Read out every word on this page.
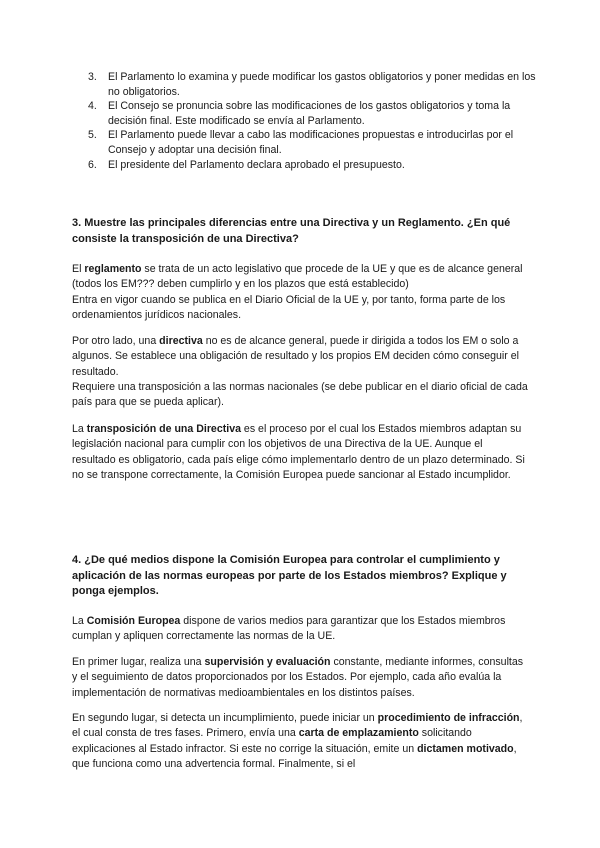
3. El Parlamento lo examina y puede modificar los gastos obligatorios y poner medidas en los no obligatorios.
4. El Consejo se pronuncia sobre las modificaciones de los gastos obligatorios y toma la decisión final. Este modificado se envía al Parlamento.
5. El Parlamento puede llevar a cabo las modificaciones propuestas e introducirlas por el Consejo y adoptar una decisión final.
6. El presidente del Parlamento declara aprobado el presupuesto.
3. Muestre las principales diferencias entre una Directiva y un Reglamento. ¿En qué consiste la transposición de una Directiva?

El reglamento se trata de un acto legislativo que procede de la UE y que es de alcance general (todos los EM??? deben cumplirlo y en los plazos que está establecido)
Entra en vigor cuando se publica en el Diario Oficial de la UE y, por tanto, forma parte de los ordenamientos jurídicos nacionales.

Por otro lado, una directiva no es de alcance general, puede ir dirigida a todos los EM o solo a algunos. Se establece una obligación de resultado y los propios EM deciden cómo conseguir el resultado.
Requiere una transposición a las normas nacionales (se debe publicar en el diario oficial de cada país para que se pueda aplicar).

La transposición de una Directiva es el proceso por el cual los Estados miembros adaptan su legislación nacional para cumplir con los objetivos de una Directiva de la UE. Aunque el resultado es obligatorio, cada país elige cómo implementarlo dentro de un plazo determinado. Si no se transpone correctamente, la Comisión Europea puede sancionar al Estado incumplidor.

4. ¿De qué medios dispone la Comisión Europea para controlar el cumplimiento y aplicación de las normas europeas por parte de los Estados miembros? Explique y ponga ejemplos.

La Comisión Europea dispone de varios medios para garantizar que los Estados miembros cumplan y apliquen correctamente las normas de la UE.

En primer lugar, realiza una supervisión y evaluación constante, mediante informes, consultas y el seguimiento de datos proporcionados por los Estados. Por ejemplo, cada año evalúa la implementación de normativas medioambientales en los distintos países.

En segundo lugar, si detecta un incumplimiento, puede iniciar un procedimiento de infracción, el cual consta de tres fases. Primero, envía una carta de emplazamiento solicitando explicaciones al Estado infractor. Si este no corrige la situación, emite un dictamen motivado, que funciona como una advertencia formal. Finalmente, si el
